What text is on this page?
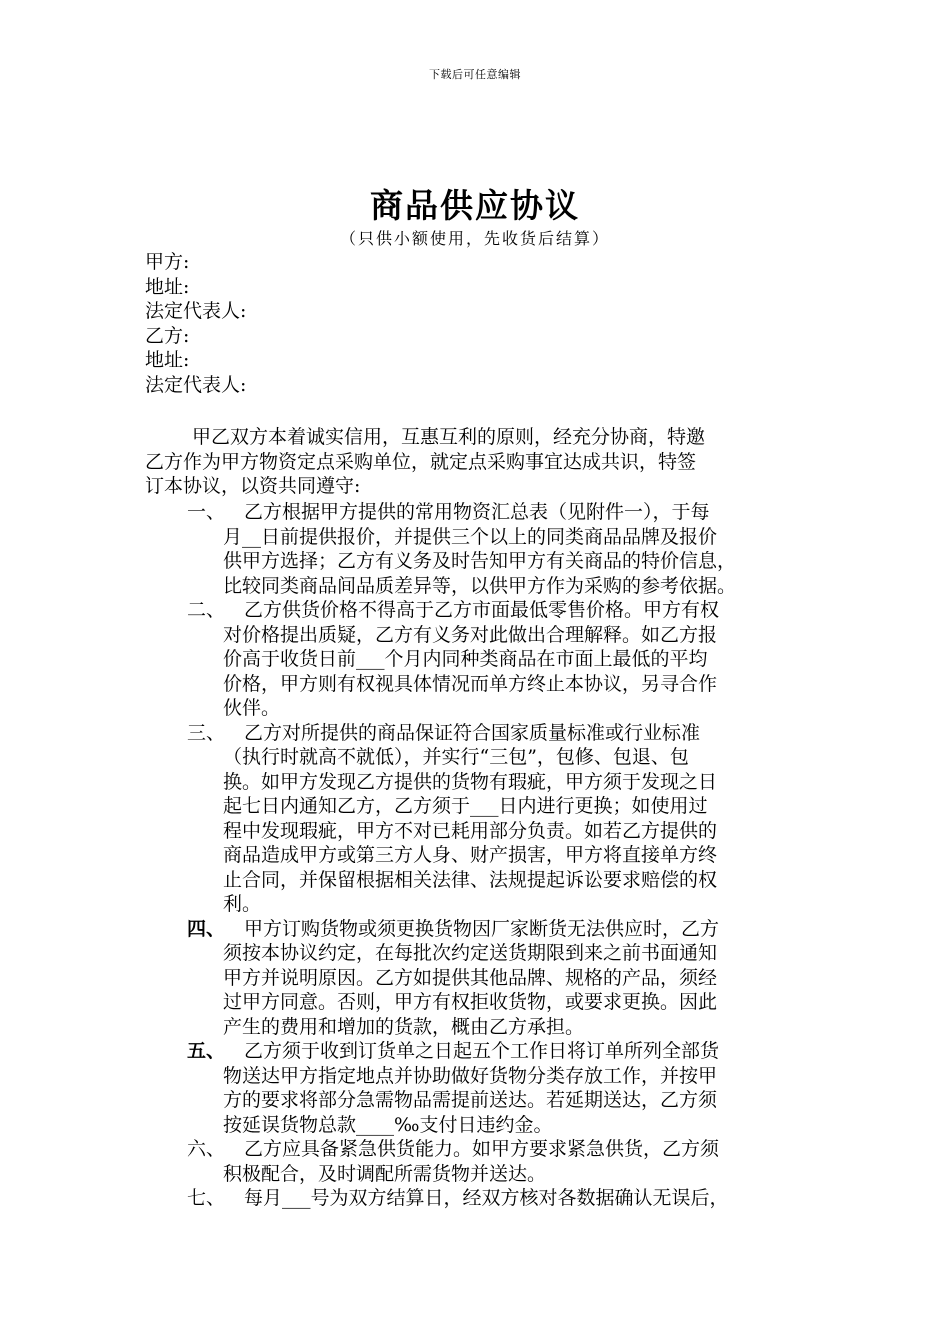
下载后可任意编辑
商品供应协议
（只供小额使用，先收货后结算）
甲方:
地址:
法定代表人:
乙方:
地址:
法定代表人:
甲乙双方本着诚实信用，互惠互利的原则，经充分协商，特邀
乙方作为甲方物资定点采购单位，就定点采购事宜达成共识，特签
订本协议，以资共同遵守:
一、 乙方根据甲方提供的常用物资汇总表（见附件一），于每
月__日前提供报价，并提供三个以上的同类商品品牌及报价
供甲方选择；乙方有义务及时告知甲方有关商品的特价信息，
比较同类商品间品质差异等，以供甲方作为采购的参考依据。
二、 乙方供货价格不得高于乙方市面最低零售价格。甲方有权
对价格提出质疑，乙方有义务对此做出合理解释。如乙方报
价高于收货日前___个月内同种类商品在市面上最低的平均
价格，甲方则有权视具体情况而单方终止本协议，另寻合作
伙伴。
三、 乙方对所提供的商品保证符合国家质量标准或行业标准
（执行时就高不就低），并实行“三包”，包修、包退、包
换。如甲方发现乙方提供的货物有瑕疵，甲方须于发现之日
起七日内通知乙方，乙方须于___日内进行更换；如使用过
程中发现瑕疵，甲方不对已耗用部分负责。如若乙方提供的
商品造成甲方或第三方人身、财产损害，甲方将直接单方终
止合同，并保留根据相关法律、法规提起诉讼要求赔偿的权
利。
四、 甲方订购货物或须更换货物因厂家断货无法供应时，乙方
须按本协议约定，在每批次约定送货期限到来之前书面通知
甲方并说明原因。乙方如提供其他品牌、规格的产品，须经
过甲方同意。否则，甲方有权拒收货物，或要求更换。因此
产生的费用和增加的货款，概由乙方承担。
五、 乙方须于收到订货单之日起五个工作日将订单所列全部货
物送达甲方指定地点并协助做好货物分类存放工作，并按甲
方的要求将部分急需物品需提前送达。若延期送达，乙方须
按延误货物总款____‰支付日违约金。
六、 乙方应具备紧急供货能力。如甲方要求紧急供货，乙方须
积极配合，及时调配所需货物并送达。
七、 每月___号为双方结算日，经双方核对各数据确认无误后，
